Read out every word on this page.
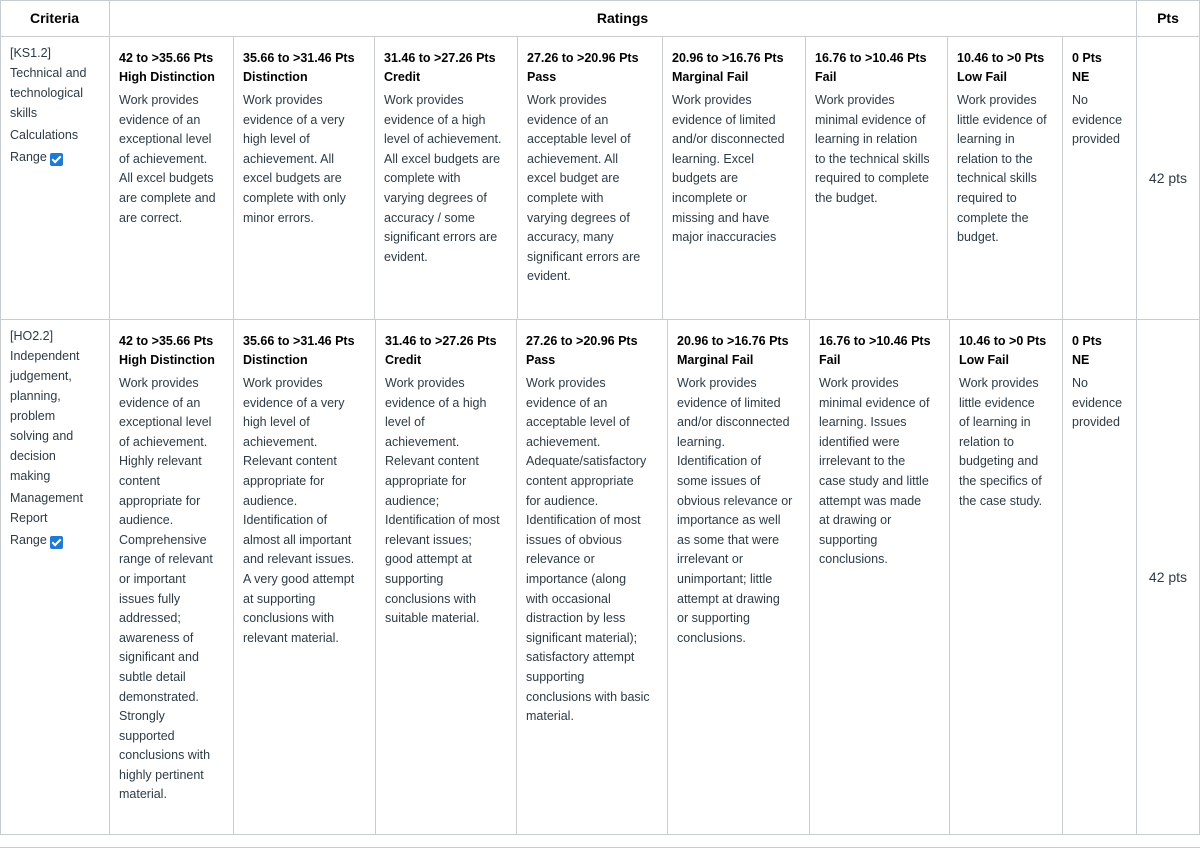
Criteria	Ratings	Pts
[KS1.2]
Technical and
technological
skills
Calculations
Range
42 to >35.66 Pts
High Distinction
Work provides
evidence of an
exceptional level
of achievement.
All excel budgets
are complete and
are correct.
35.66 to >31.46 Pts
Distinction
Work provides
evidence of a very
high level of
achievement. All
excel budgets are
complete with only
minor errors.
31.46 to >27.26 Pts
Credit
Work provides
evidence of a high
level of achievement.
All excel budgets are
complete with
varying degrees of
accuracy / some
significant errors are
evident.
27.26 to >20.96 Pts
Pass
Work provides
evidence of an
acceptable level of
achievement. All
excel budget are
complete with
varying degrees of
accuracy, many
significant errors are
evident.
20.96 to >16.76 Pts
Marginal Fail
Work provides
evidence of limited
and/or disconnected
learning. Excel
budgets are
incomplete or
missing and have
major inaccuracies
16.76 to >10.46 Pts
Fail
Work provides
minimal evidence of
learning in relation
to the technical skills
required to complete
the budget.
10.46 to >0 Pts
Low Fail
Work provides
little evidence of
learning in
relation to the
technical skills
required to
complete the
budget.
0 Pts
NE
No
evidence
provided
42 pts
[HO2.2]
Independent
judgement,
planning,
problem
solving and
decision
making
Management
Report
Range
42 to >35.66 Pts
High Distinction
Work provides
evidence of an
exceptional level
of achievement.
Highly relevant
content
appropriate for
audience.
Comprehensive
range of relevant
or important
issues fully
addressed;
awareness of
significant and
subtle detail
demonstrated.
Strongly
supported
conclusions with
highly pertinent
material.
35.66 to >31.46 Pts
Distinction
Work provides
evidence of a very
high level of
achievement.
Relevant content
appropriate for
audience.
Identification of
almost all important
and relevant issues.
A very good attempt
at supporting
conclusions with
relevant material.
31.46 to >27.26 Pts
Credit
Work provides
evidence of a high
level of
achievement.
Relevant content
appropriate for
audience;
Identification of most
relevant issues;
good attempt at
supporting
conclusions with
suitable material.
27.26 to >20.96 Pts
Pass
Work provides
evidence of an
acceptable level of
achievement.
Adequate/satisfactory
content appropriate
for audience.
Identification of most
issues of obvious
relevance or
importance (along
with occasional
distraction by less
significant material);
satisfactory attempt
supporting
conclusions with basic
material.
20.96 to >16.76 Pts
Marginal Fail
Work provides
evidence of limited
and/or disconnected
learning.
Identification of
some issues of
obvious relevance or
importance as well
as some that were
irrelevant or
unimportant; little
attempt at drawing
or supporting
conclusions.
16.76 to >10.46 Pts
Fail
Work provides
minimal evidence of
learning. Issues
identified were
irrelevant to the
case study and little
attempt was made
at drawing or
supporting
conclusions.
10.46 to >0 Pts
Low Fail
Work provides
little evidence
of learning in
relation to
budgeting and
the specifics of
the case study.
0 Pts
NE
No
evidence
provided
42 pts
